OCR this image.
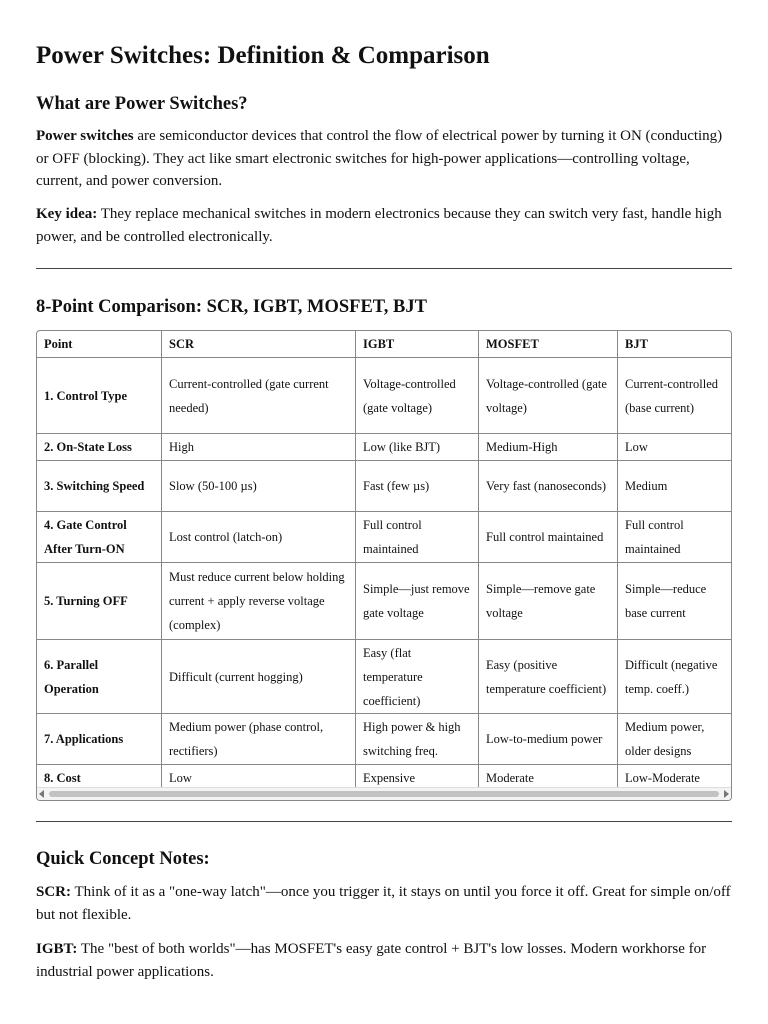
Power Switches: Definition & Comparison
What are Power Switches?

Power switches are semiconductor devices that control the flow of electrical power by turning it ON (conducting) or OFF (blocking). They act like smart electronic switches for high-power applications—controlling voltage, current, and power conversion.

Key idea: They replace mechanical switches in modern electronics because they can switch very fast, handle high power, and be controlled electronically.

8-Point Comparison: SCR, IGBT, MOSFET, BJT
Point	SCR	IGBT	MOSFET	BJT
1. Control Type	Current-controlled (gate current needed)	Voltage-controlled (gate voltage)	Voltage-controlled (gate voltage)	Current-controlled (base current)
2. On-State Loss	High	Low (like BJT)	Medium-High	Low
3. Switching Speed	Slow (50-100 µs)	Fast (few µs)	Very fast (nanoseconds)	Medium
4. Gate Control After Turn-ON	Lost control (latch-on)	Full control maintained	Full control maintained	Full control maintained
5. Turning OFF	Must reduce current below holding current + apply reverse voltage (complex)	Simple—just remove gate voltage	Simple—remove gate voltage	Simple—reduce base current
6. Parallel Operation	Difficult (current hogging)	Easy (flat temperature coefficient)	Easy (positive temperature coefficient)	Difficult (negative temp. coeff.)
7. Applications	Medium power (phase control, rectifiers)	High power & high switching freq.	Low-to-medium power	Medium power, older designs
8. Cost	Low	Expensive	Moderate	Low-Moderate
Quick Concept Notes:

SCR: Think of it as a "one-way latch"—once you trigger it, it stays on until you force it off. Great for simple on/off but not flexible.

IGBT: The "best of both worlds"—has MOSFET's easy gate control + BJT's low losses. Modern workhorse for industrial power applications.
